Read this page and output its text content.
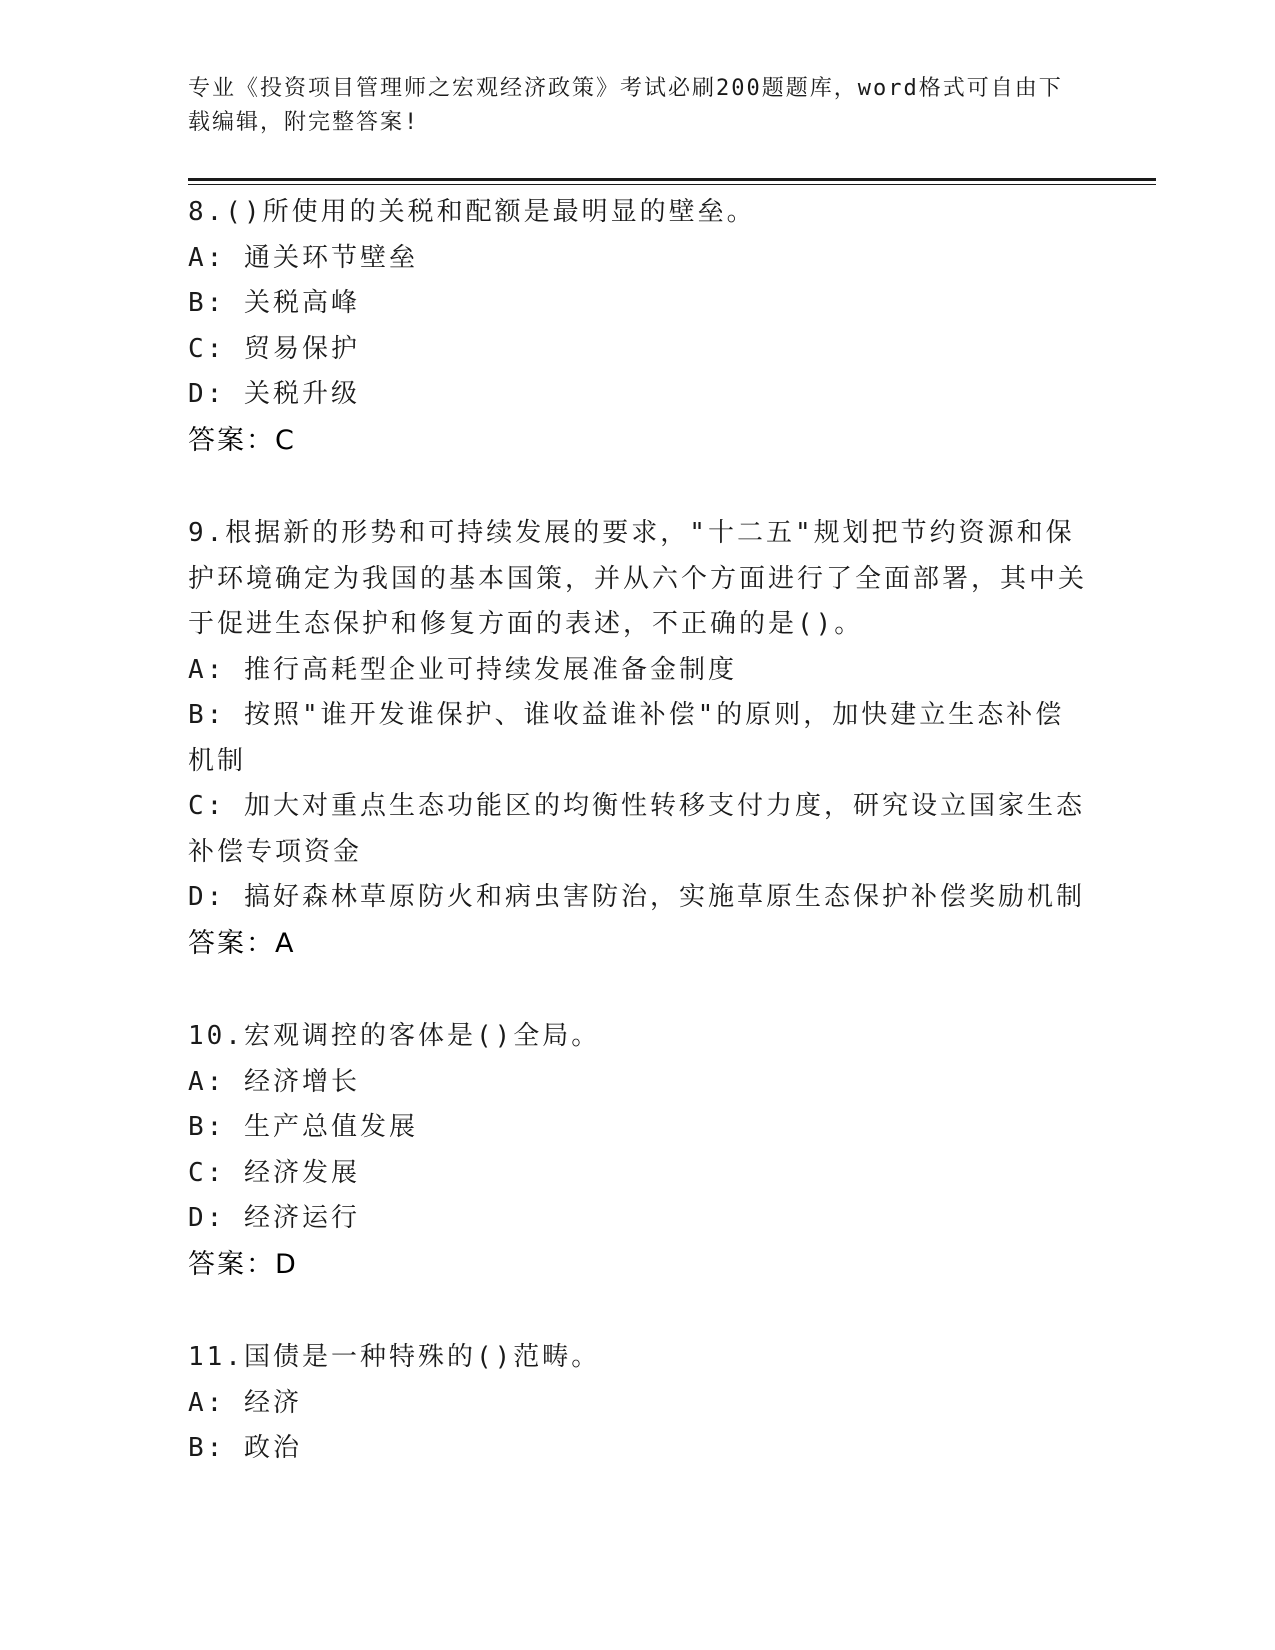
专业《投资项目管理师之宏观经济政策》考试必刷200题题库，word格式可自由下载编辑，附完整答案!
8.()所使用的关税和配额是最明显的壁垒。
A: 通关环节壁垒
B: 关税高峰
C: 贸易保护
D: 关税升级
答案：C
9.根据新的形势和可持续发展的要求，"十二五"规划把节约资源和保护环境确定为我国的基本国策，并从六个方面进行了全面部署，其中关于促进生态保护和修复方面的表述，不正确的是()。
A: 推行高耗型企业可持续发展准备金制度
B: 按照"谁开发谁保护、谁收益谁补偿"的原则，加快建立生态补偿机制
C: 加大对重点生态功能区的均衡性转移支付力度，研究设立国家生态补偿专项资金
D: 搞好森林草原防火和病虫害防治，实施草原生态保护补偿奖励机制
答案：A
10.宏观调控的客体是()全局。
A: 经济增长
B: 生产总值发展
C: 经济发展
D: 经济运行
答案：D
11.国债是一种特殊的()范畴。
A: 经济
B: 政治
